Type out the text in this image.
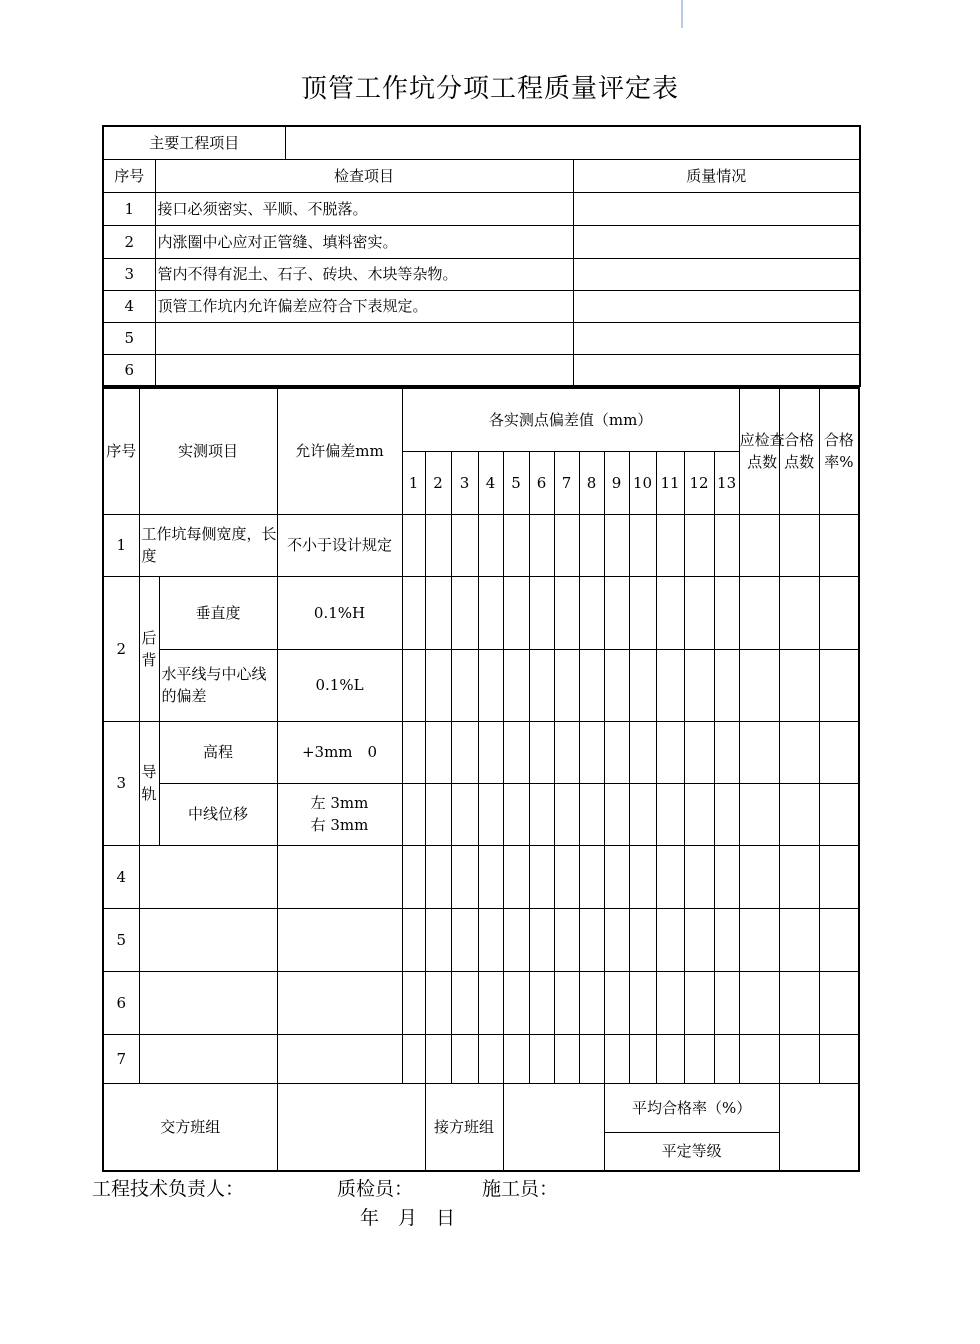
顶管工作坑分项工程质量评定表
主要工程项目			
序号	检查项目		质量情况
1	接口必须密实、平顺、不脱落。		
2	内涨圈中心应对正管缝、填料密实。		
3	管内不得有泥土、石子、砖块、木块等杂物。		
4	顶管工作坑内允许偏差应符合下表规定。		
5			
6			
序号	实测项目		允许偏差mm	各实测点偏差值（mm）													应检查点数	合格点数	合格率%

				1	2	3	4	5	6	7	8	9	10	11	12	13			
1	工作坑每侧宽度，长度		不小于设计规定																
2	后背	垂直度	0.1%H																
		水平线与中心线的偏差	0.1%L																
3	导轨	高程	+3mm　0																
		中线位移	左 3mm
右 3mm																

4																			
5																			
6																			
7																			
交方班组					接方班组							平均合格率（%）							
												平定等级							
工程技术负责人：	质检员：	施工员：
年　月　日
